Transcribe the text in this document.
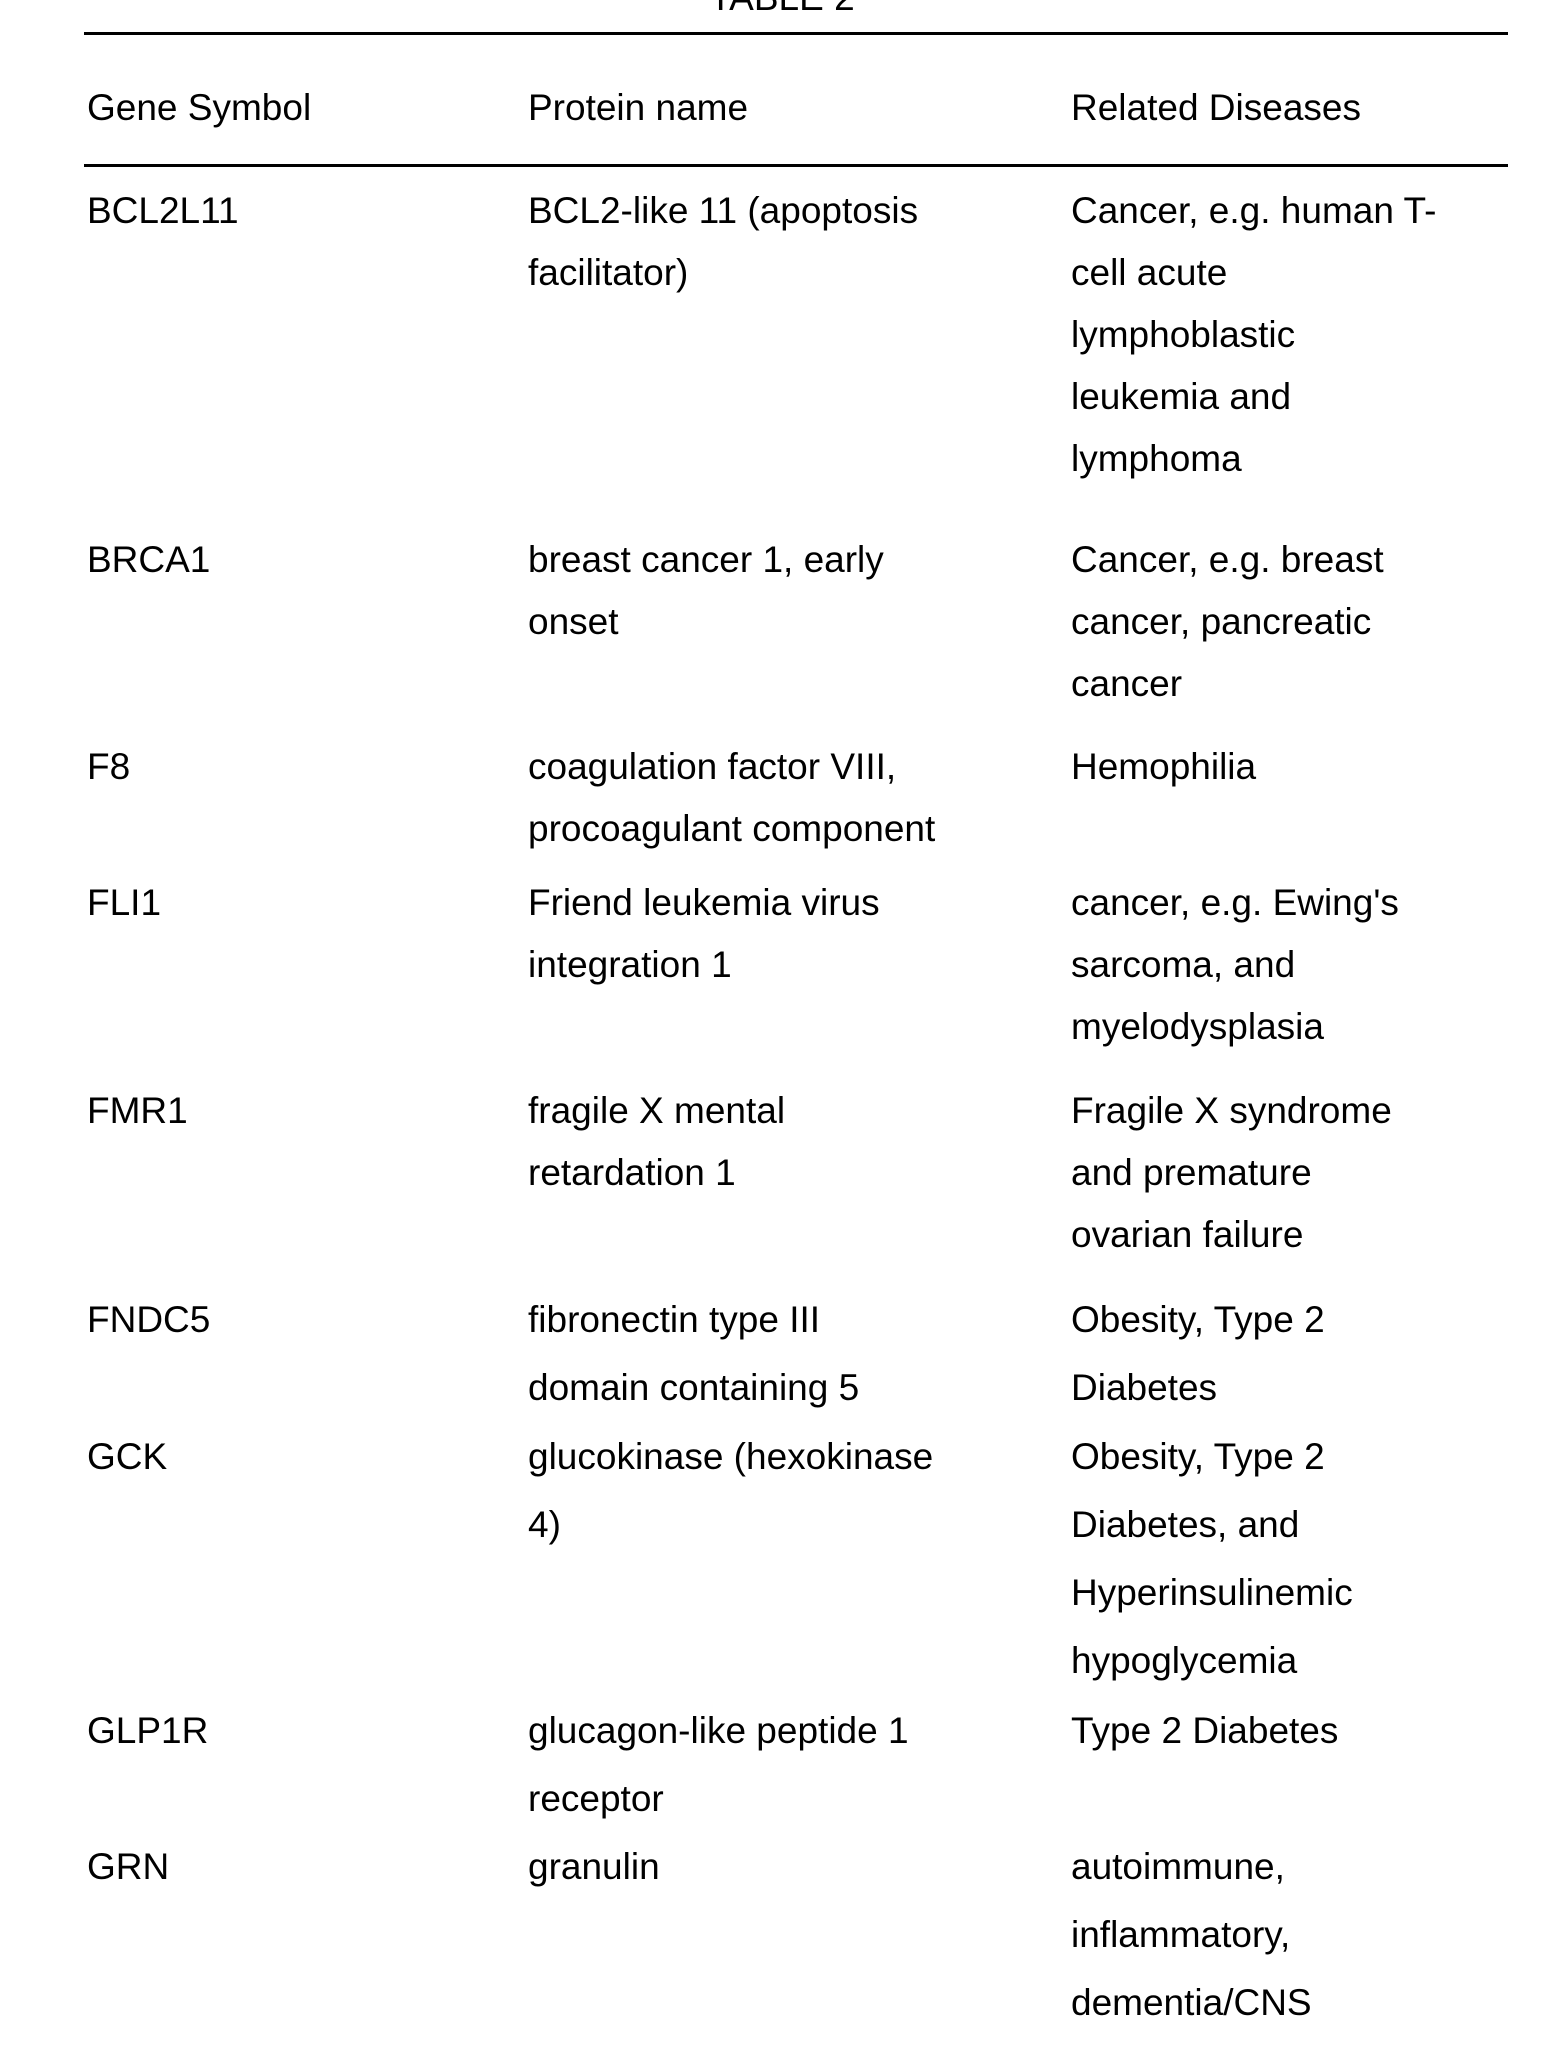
Gene Symbol	Protein name	Related Diseases
BCL2L11	BCL2-like 11 (apoptosis
facilitator)
Cancer, e.g. human T-
cell acute
lymphoblastic
leukemia and
lymphoma
BRCA1	breast cancer 1, early
onset
Cancer, e.g. breast
cancer, pancreatic
cancer
F8	coagulation factor VIII,
procoagulant component
Hemophilia
FLI1	Friend leukemia virus
integration 1
cancer, e.g. Ewing's
sarcoma, and
myelodysplasia
FMR1	fragile X mental
retardation 1
Fragile X syndrome
and premature
ovarian failure
FNDC5	fibronectin type III
domain containing 5
Obesity, Type 2
Diabetes
GCK	glucokinase (hexokinase
4)
Obesity, Type 2
Diabetes, and
Hyperinsulinemic
hypoglycemia
GLP1R	glucagon-like peptide 1
receptor
Type 2 Diabetes
GRN	granulin	autoimmune,
inflammatory,
dementia/CNS
